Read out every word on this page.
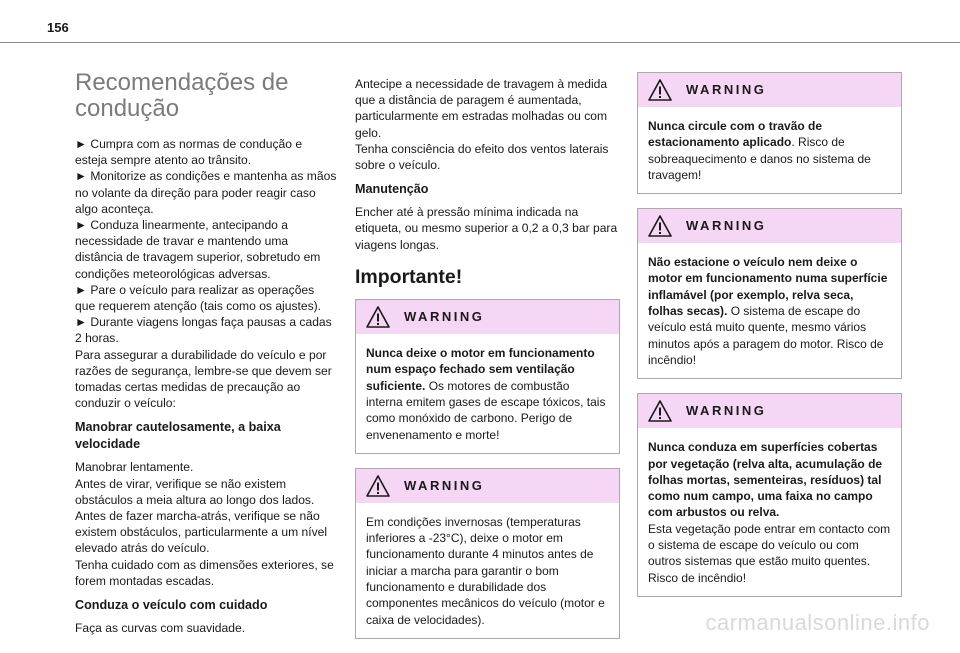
156
Recomendações de
condução

► Cumpra com as normas de condução e esteja sempre atento ao trânsito.

► Monitorize as condições e mantenha as mãos no volante da direção para poder reagir caso algo aconteça.

► Conduza linearmente, antecipando a necessidade de travar e mantendo uma distância de travagem superior, sobretudo em condições meteorológicas adversas.

► Pare o veículo para realizar as operações que requerem atenção (tais como os ajustes).

► Durante viagens longas faça pausas a cadas 2 horas.

Para assegurar a durabilidade do veículo e por razões de segurança, lembre-se que devem ser tomadas certas medidas de precaução ao conduzir o veículo:

Manobrar cautelosamente, a baixa velocidade

Manobrar lentamente.

Antes de virar, verifique se não existem obstáculos a meia altura ao longo dos lados.

Antes de fazer marcha-atrás, verifique se não existem obstáculos, particularmente a um nível elevado atrás do veículo.

Tenha cuidado com as dimensões exteriores, se forem montadas escadas.

Conduza o veículo com cuidado

Faça as curvas com suavidade.

Antecipe a necessidade de travagem à medida que a distância de paragem é aumentada, particularmente em estradas molhadas ou com gelo.

Tenha consciência do efeito dos ventos laterais sobre o veículo.

Manutenção

Encher até à pressão mínima indicada na etiqueta, ou mesmo superior a 0,2 a 0,3 bar para viagens longas.

Importante!
WARNING
Nunca deixe o motor em funcionamento num espaço fechado sem ventilação suficiente. Os motores de combustão interna emitem gases de escape tóxicos, tais como monóxido de carbono. Perigo de envenenamento e morte!
WARNING
Em condições invernosas (temperaturas inferiores a -23°C), deixe o motor em funcionamento durante 4 minutos antes de iniciar a marcha para garantir o bom funcionamento e durabilidade dos componentes mecânicos do veículo (motor e caixa de velocidades).
WARNING
Nunca circule com o travão de estacionamento aplicado. Risco de sobreaquecimento e danos no sistema de travagem!
WARNING
Não estacione o veículo nem deixe o motor em funcionamento numa superfície inflamável (por exemplo, relva seca, folhas secas). O sistema de escape do veículo está muito quente, mesmo vários minutos após a paragem do motor. Risco de incêndio!
WARNING
Nunca conduza em superfícies cobertas por vegetação (relva alta, acumulação de folhas mortas, sementeiras, resíduos) tal como num campo, uma faixa no campo com arbustos ou relva.
Esta vegetação pode entrar em contacto com o sistema de escape do veículo ou com outros sistemas que estão muito quentes. Risco de incêndio!
carmanualsonline.info
